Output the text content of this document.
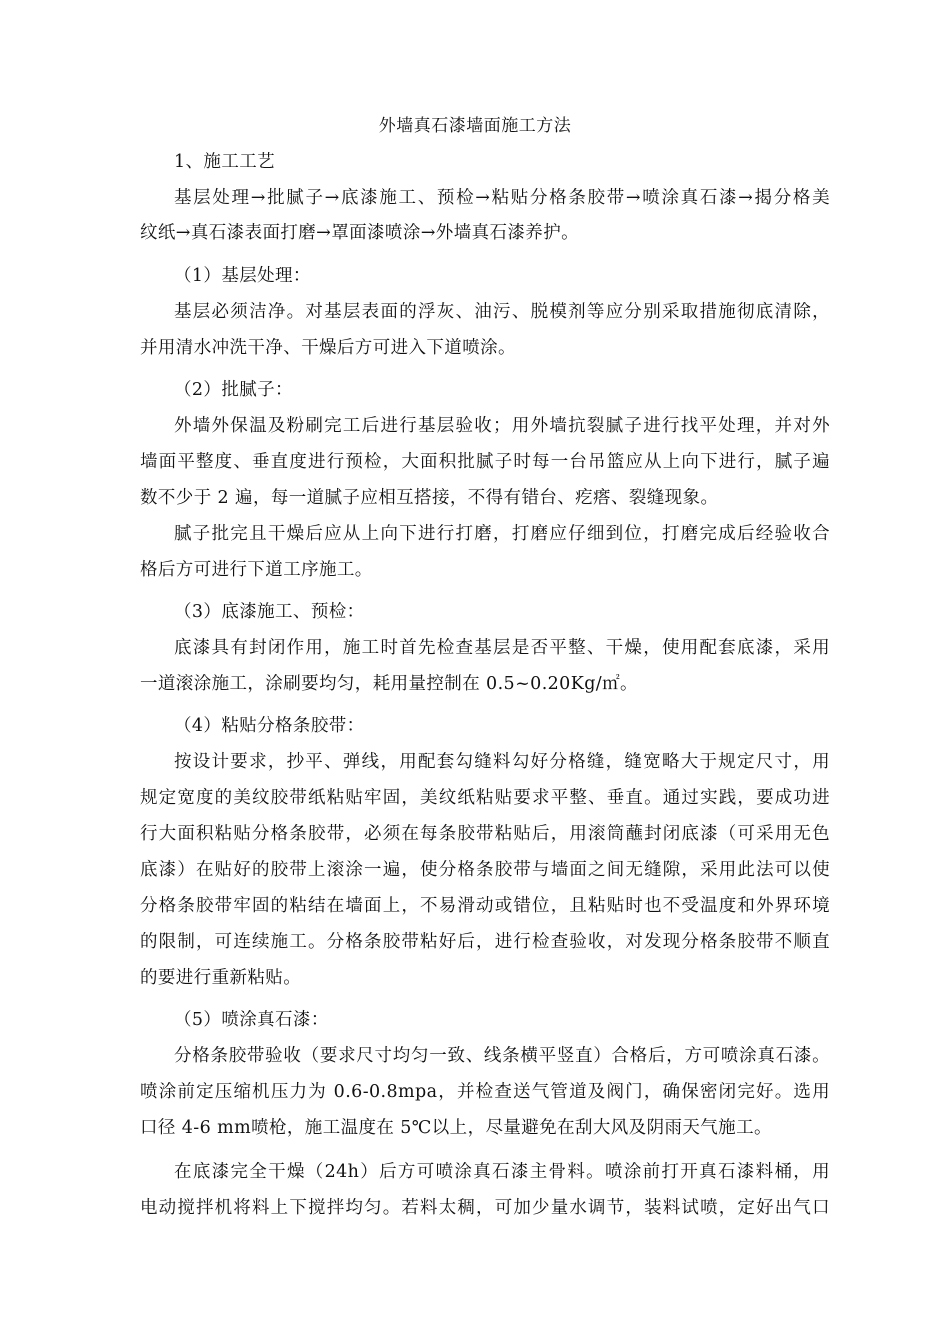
外墙真石漆墙面施工方法
1、施工工艺
基层处理→批腻子→底漆施工、预检→粘贴分格条胶带→喷涂真石漆→揭分格美
纹纸→真石漆表面打磨→罩面漆喷涂→外墙真石漆养护。
（1）基层处理：
基层必须洁净。对基层表面的浮灰、油污、脱模剂等应分别采取措施彻底清除，
并用清水冲洗干净、干燥后方可进入下道喷涂。
（2）批腻子：
外墙外保温及粉刷完工后进行基层验收；用外墙抗裂腻子进行找平处理，并对外
墙面平整度、垂直度进行预检，大面积批腻子时每一台吊篮应从上向下进行，腻子遍
数不少于 2 遍，每一道腻子应相互搭接，不得有错台、疙瘩、裂缝现象。
腻子批完且干燥后应从上向下进行打磨，打磨应仔细到位，打磨完成后经验收合
格后方可进行下道工序施工。
（3）底漆施工、预检：
底漆具有封闭作用，施工时首先检查基层是否平整、干燥，使用配套底漆，采用
一道滚涂施工，涂刷要均匀，耗用量控制在 0.5~0.20Kg/㎡。
（4）粘贴分格条胶带：
按设计要求，抄平、弹线，用配套勾缝料勾好分格缝，缝宽略大于规定尺寸，用
规定宽度的美纹胶带纸粘贴牢固，美纹纸粘贴要求平整、垂直。通过实践，要成功进
行大面积粘贴分格条胶带，必须在每条胶带粘贴后，用滚筒蘸封闭底漆（可采用无色
底漆）在贴好的胶带上滚涂一遍，使分格条胶带与墙面之间无缝隙，采用此法可以使
分格条胶带牢固的粘结在墙面上，不易滑动或错位，且粘贴时也不受温度和外界环境
的限制，可连续施工。分格条胶带粘好后，进行检查验收，对发现分格条胶带不顺直
的要进行重新粘贴。
（5）喷涂真石漆：
分格条胶带验收（要求尺寸均匀一致、线条横平竖直）合格后，方可喷涂真石漆。
喷涂前定压缩机压力为 0.6-0.8mpa，并检查送气管道及阀门，确保密闭完好。选用
口径 4-6 mm喷枪，施工温度在 5℃以上，尽量避免在刮大风及阴雨天气施工。
在底漆完全干燥（24h）后方可喷涂真石漆主骨料。喷涂前打开真石漆料桶，用
电动搅拌机将料上下搅拌均匀。若料太稠，可加少量水调节，装料试喷，定好出气口
